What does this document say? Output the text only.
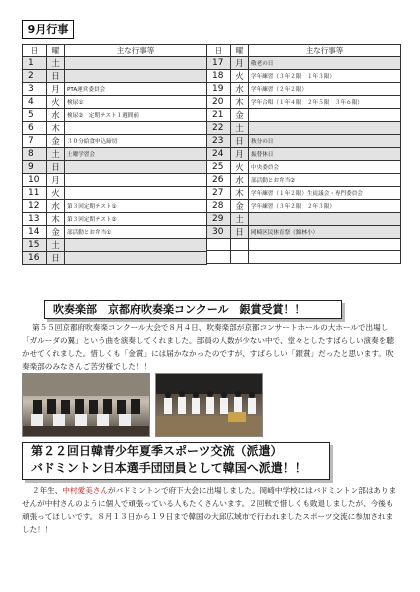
9月行事
日	曜	主な行事等
1	土	
2	日	
3	月	PTA運営委員会
4	火	検尿①
5	水	検尿②　定期テスト１週間前
6	木	
7	金	３０分給食申込締切
8	土	土曜学習会
9	日	
10	月	
11	火	
12	水	第３回定期テスト①
13	木	第３回定期テスト②
14	金	部活動とお弁当①
15	土	
16	日	
日	曜	主な行事等
17	月	敬老の日
18	火	学年練習（３年２限　１年３限）
19	水	学年練習（２年２限）
20	木	学年合唱（１年４限　２年５限　３年６限）
21	金	
22	土	
23	日	秋分の日
24	月	振替休日
25	火	中央委員会
26	水	部活動とお弁当②
27	木	学年練習（１年２限）生徒議会・専門委員会
28	金	学年練習（３年２限　２年３限）
29	土	
30	日	岡崎区民体育祭（錦林小）

吹奏楽部　京都府吹奏楽コンクール　銀賞受賞！！
第５５回京都府吹奏楽コンクール大会で８月４日、吹奏楽部が京都コンサートホールの大ホールで出場し「ガルーダの翼」という曲を演奏してくれました。部員の人数が少ない中で、堂々としたすばらしい演奏を聴かせてくれました。惜しくも「金賞」には届かなかったのですが、すばらしい「銀賞」だったと思います。吹奏楽部のみなさんご苦労様でした！！
第２２回日韓青少年夏季スポーツ交流（派遣）
バドミントン日本選手団団員として韓国へ派遣！！
２年生、中村愛美さんがバドミントンで府下大会に出場しました。岡崎中学校にはバドミントン部はありませんが中村さんのように個人で頑張っている人もたくさんいます。２回戦で惜しくも敗退しましたが、今後も頑張ってほしいです。８月１３日から１９日まで韓国の大邱広域市で行われましたスポーツ交流に参加されました！！
